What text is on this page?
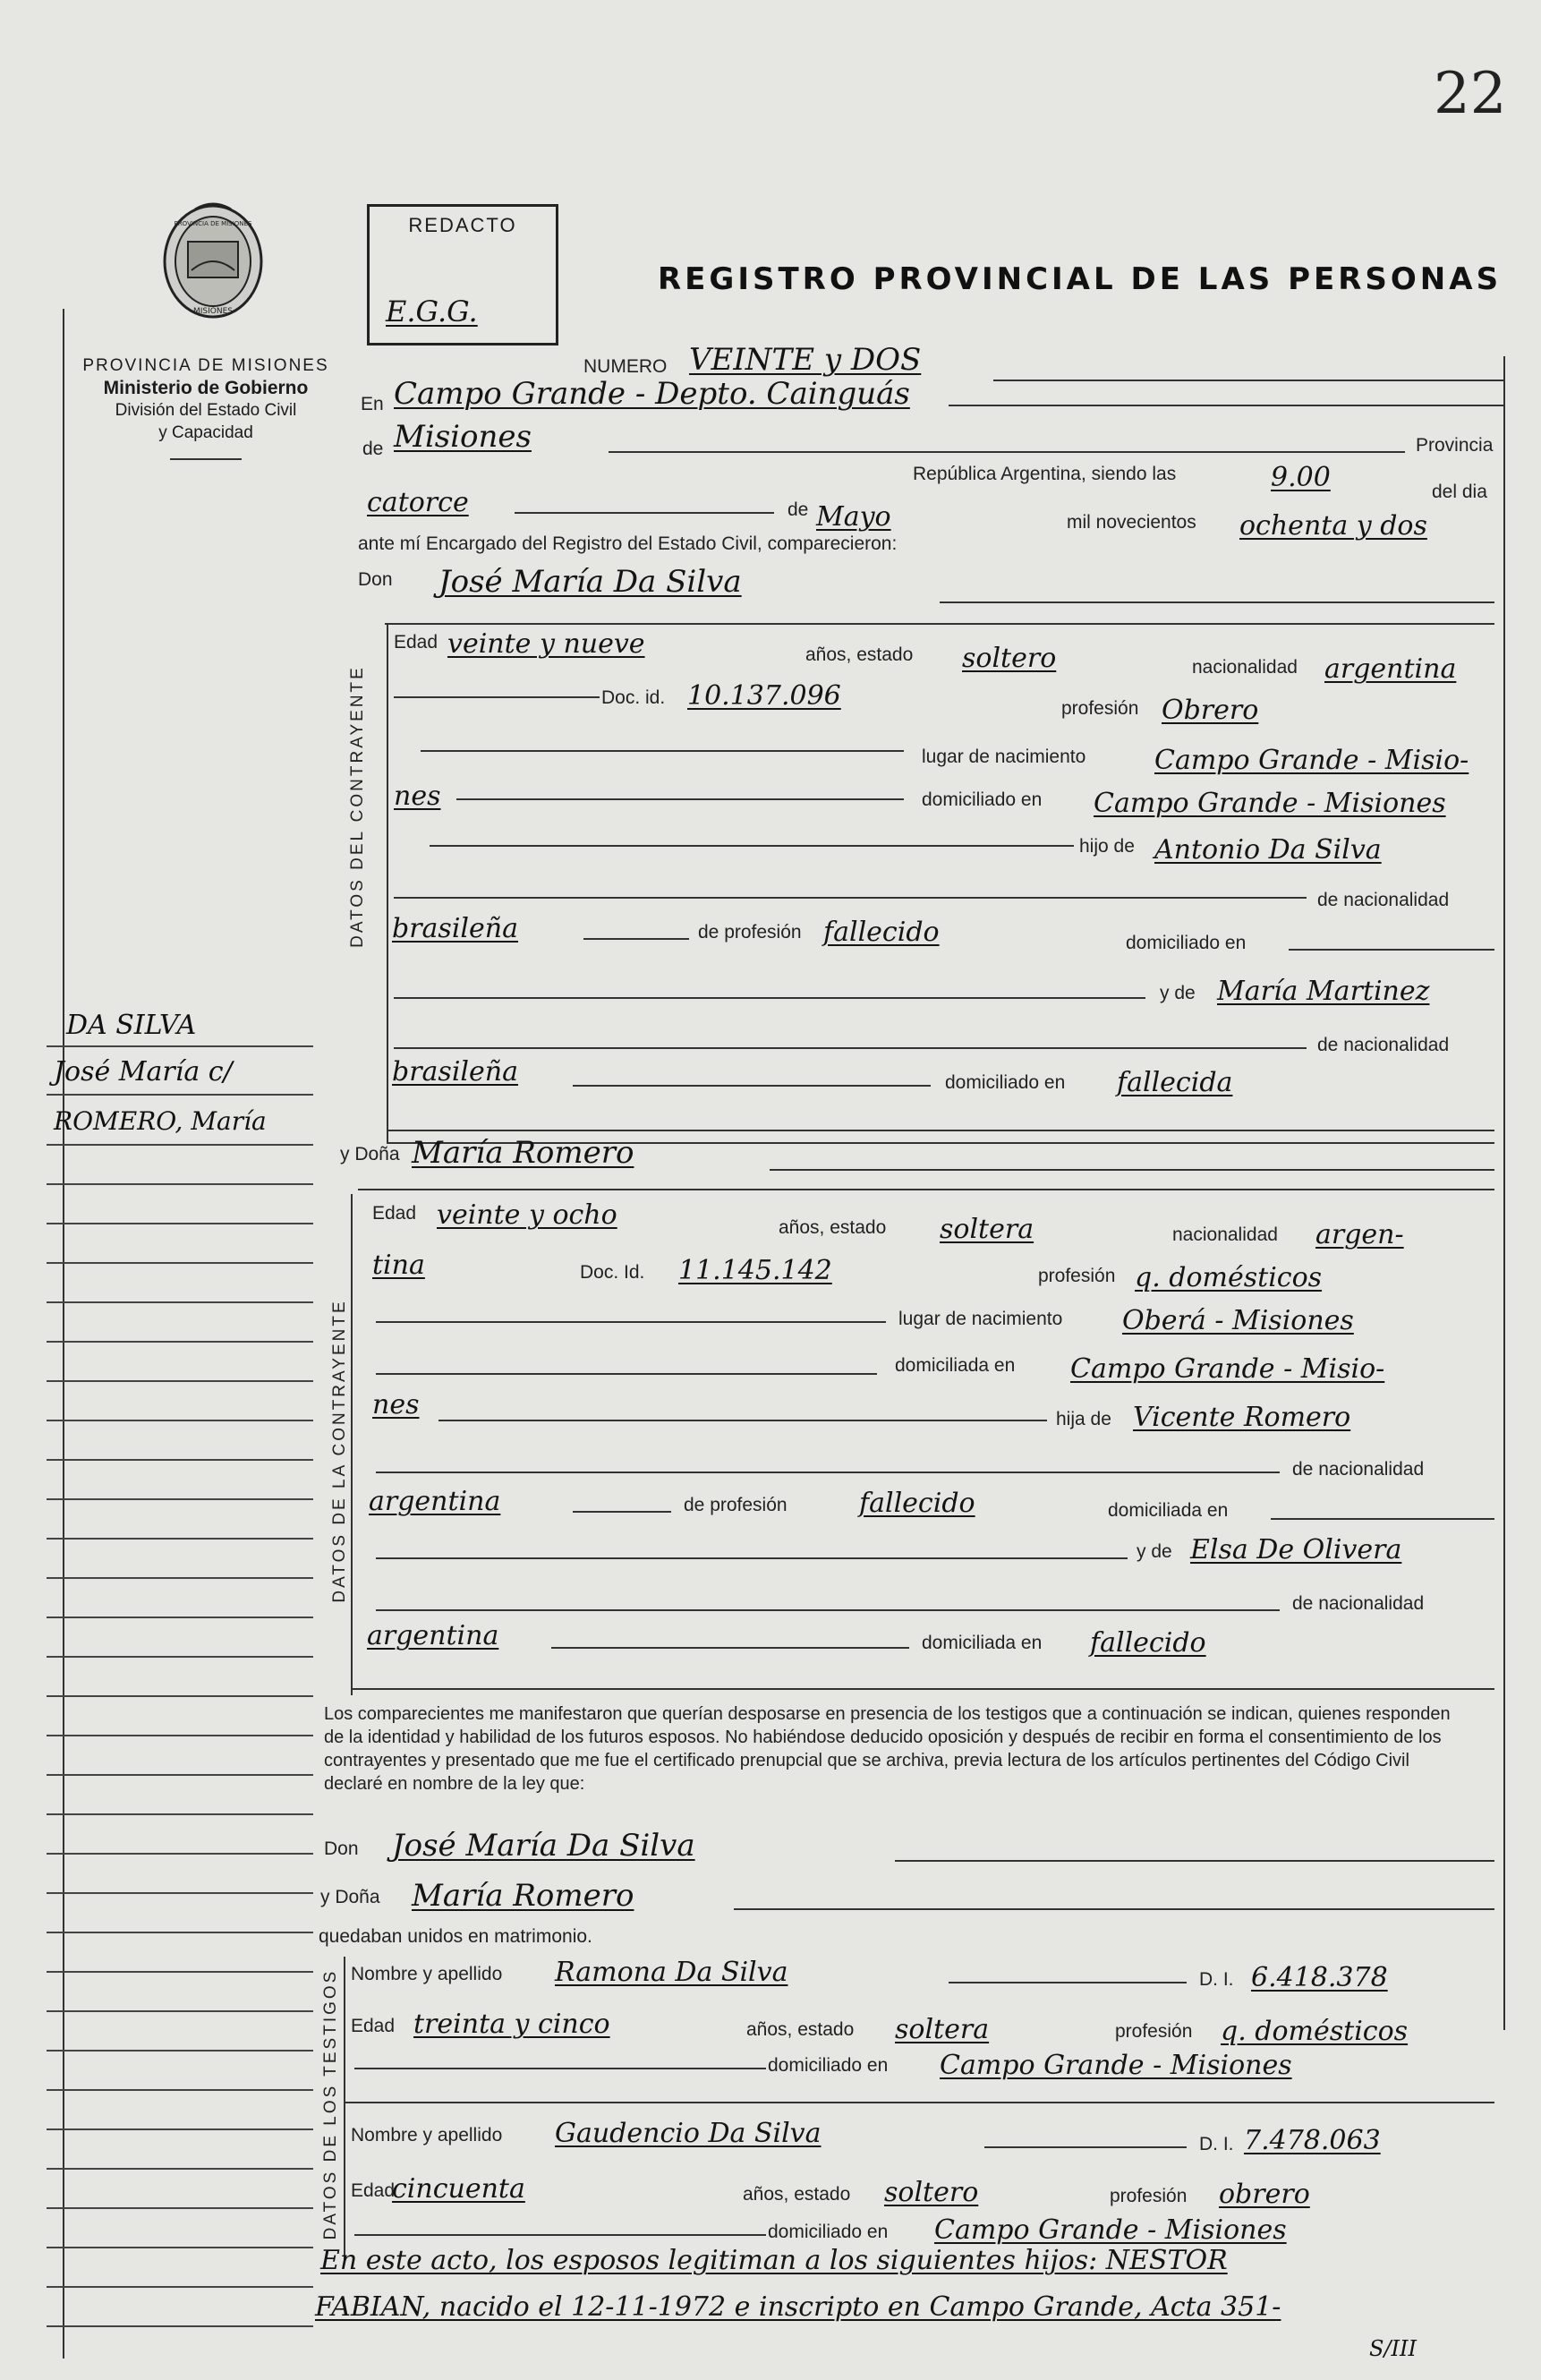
22
MISIONES
PROVINCIA DE MISIONES
PROVINCIA DE MISIONES
Ministerio de Gobierno
División del Estado Civil
y Capacidad
REDACTO
E.G.G.
REGISTRO PROVINCIAL DE LAS PERSONAS
NUMERO VEINTE y DOS
En Campo Grande - Depto. Cainguás
de Misiones	Provincia
República Argentina, siendo las	9.00	del dia
catorce	de Mayo	mil novecientos ochenta y dos
ante mí Encargado del Registro del Estado Civil, comparecieron:
Don José María Da Silva
DATOS DEL CONTRAYENTE
Edad veinte y nueve	años, estado soltero	nacionalidad argentina
Doc. id. 10.137.096	profesión Obrero
lugar de nacimiento	Campo Grande - Misio-
nes	domiciliado en Campo Grande - Misiones
hijo de Antonio Da Silva
de nacionalidad
brasileña	de profesión fallecido	domiciliado en
y de María Martinez
de nacionalidad
brasileña	domiciliado en fallecida
DA SILVA
José María c/
ROMERO, María
y Doña María Romero
DATOS DE LA CONTRAYENTE
Edad veinte y ocho	años, estado soltera	nacionalidad argen-
tina	Doc. Id. 11.145.142	profesión q. domésticos
lugar de nacimiento Oberá - Misiones
domiciliada en Campo Grande - Misio-
nes	hija de Vicente Romero
de nacionalidad
argentina	de profesión	fallecido	domiciliada en
y de Elsa De Olivera
de nacionalidad
argentina	domiciliada en fallecido
Los comparecientes me manifestaron que querían desposarse en presencia de los testigos que a continuación se indican, quienes responden de la identidad y habilidad de los futuros esposos. No habiéndose deducido oposición y después de recibir en forma el consentimiento de los contrayentes y presentado que me fue el certificado prenupcial que se archiva, previa lectura de los artículos pertinentes del Código Civil declaré en nombre de la ley que:
Don José María Da Silva
y Doña María Romero
quedaban unidos en matrimonio.
DATOS DE LOS TESTIGOS Nombre y apellido Ramona Da Silva	D. I. 6.418.378
Edad treinta y cinco	años, estado soltera	profesión q. domésticos
domiciliado en Campo Grande - Misiones
Nombre y apellido Gaudencio Da Silva	D. I. 7.478.063
Edad
cincuenta	años, estado soltero	profesión obrero
domiciliado en Campo Grande - Misiones
En este acto, los esposos legitiman a los siguientes hijos: NESTOR
FABIAN, nacido el 12-11-1972 e inscripto en Campo Grande, Acta 351-
S/III
